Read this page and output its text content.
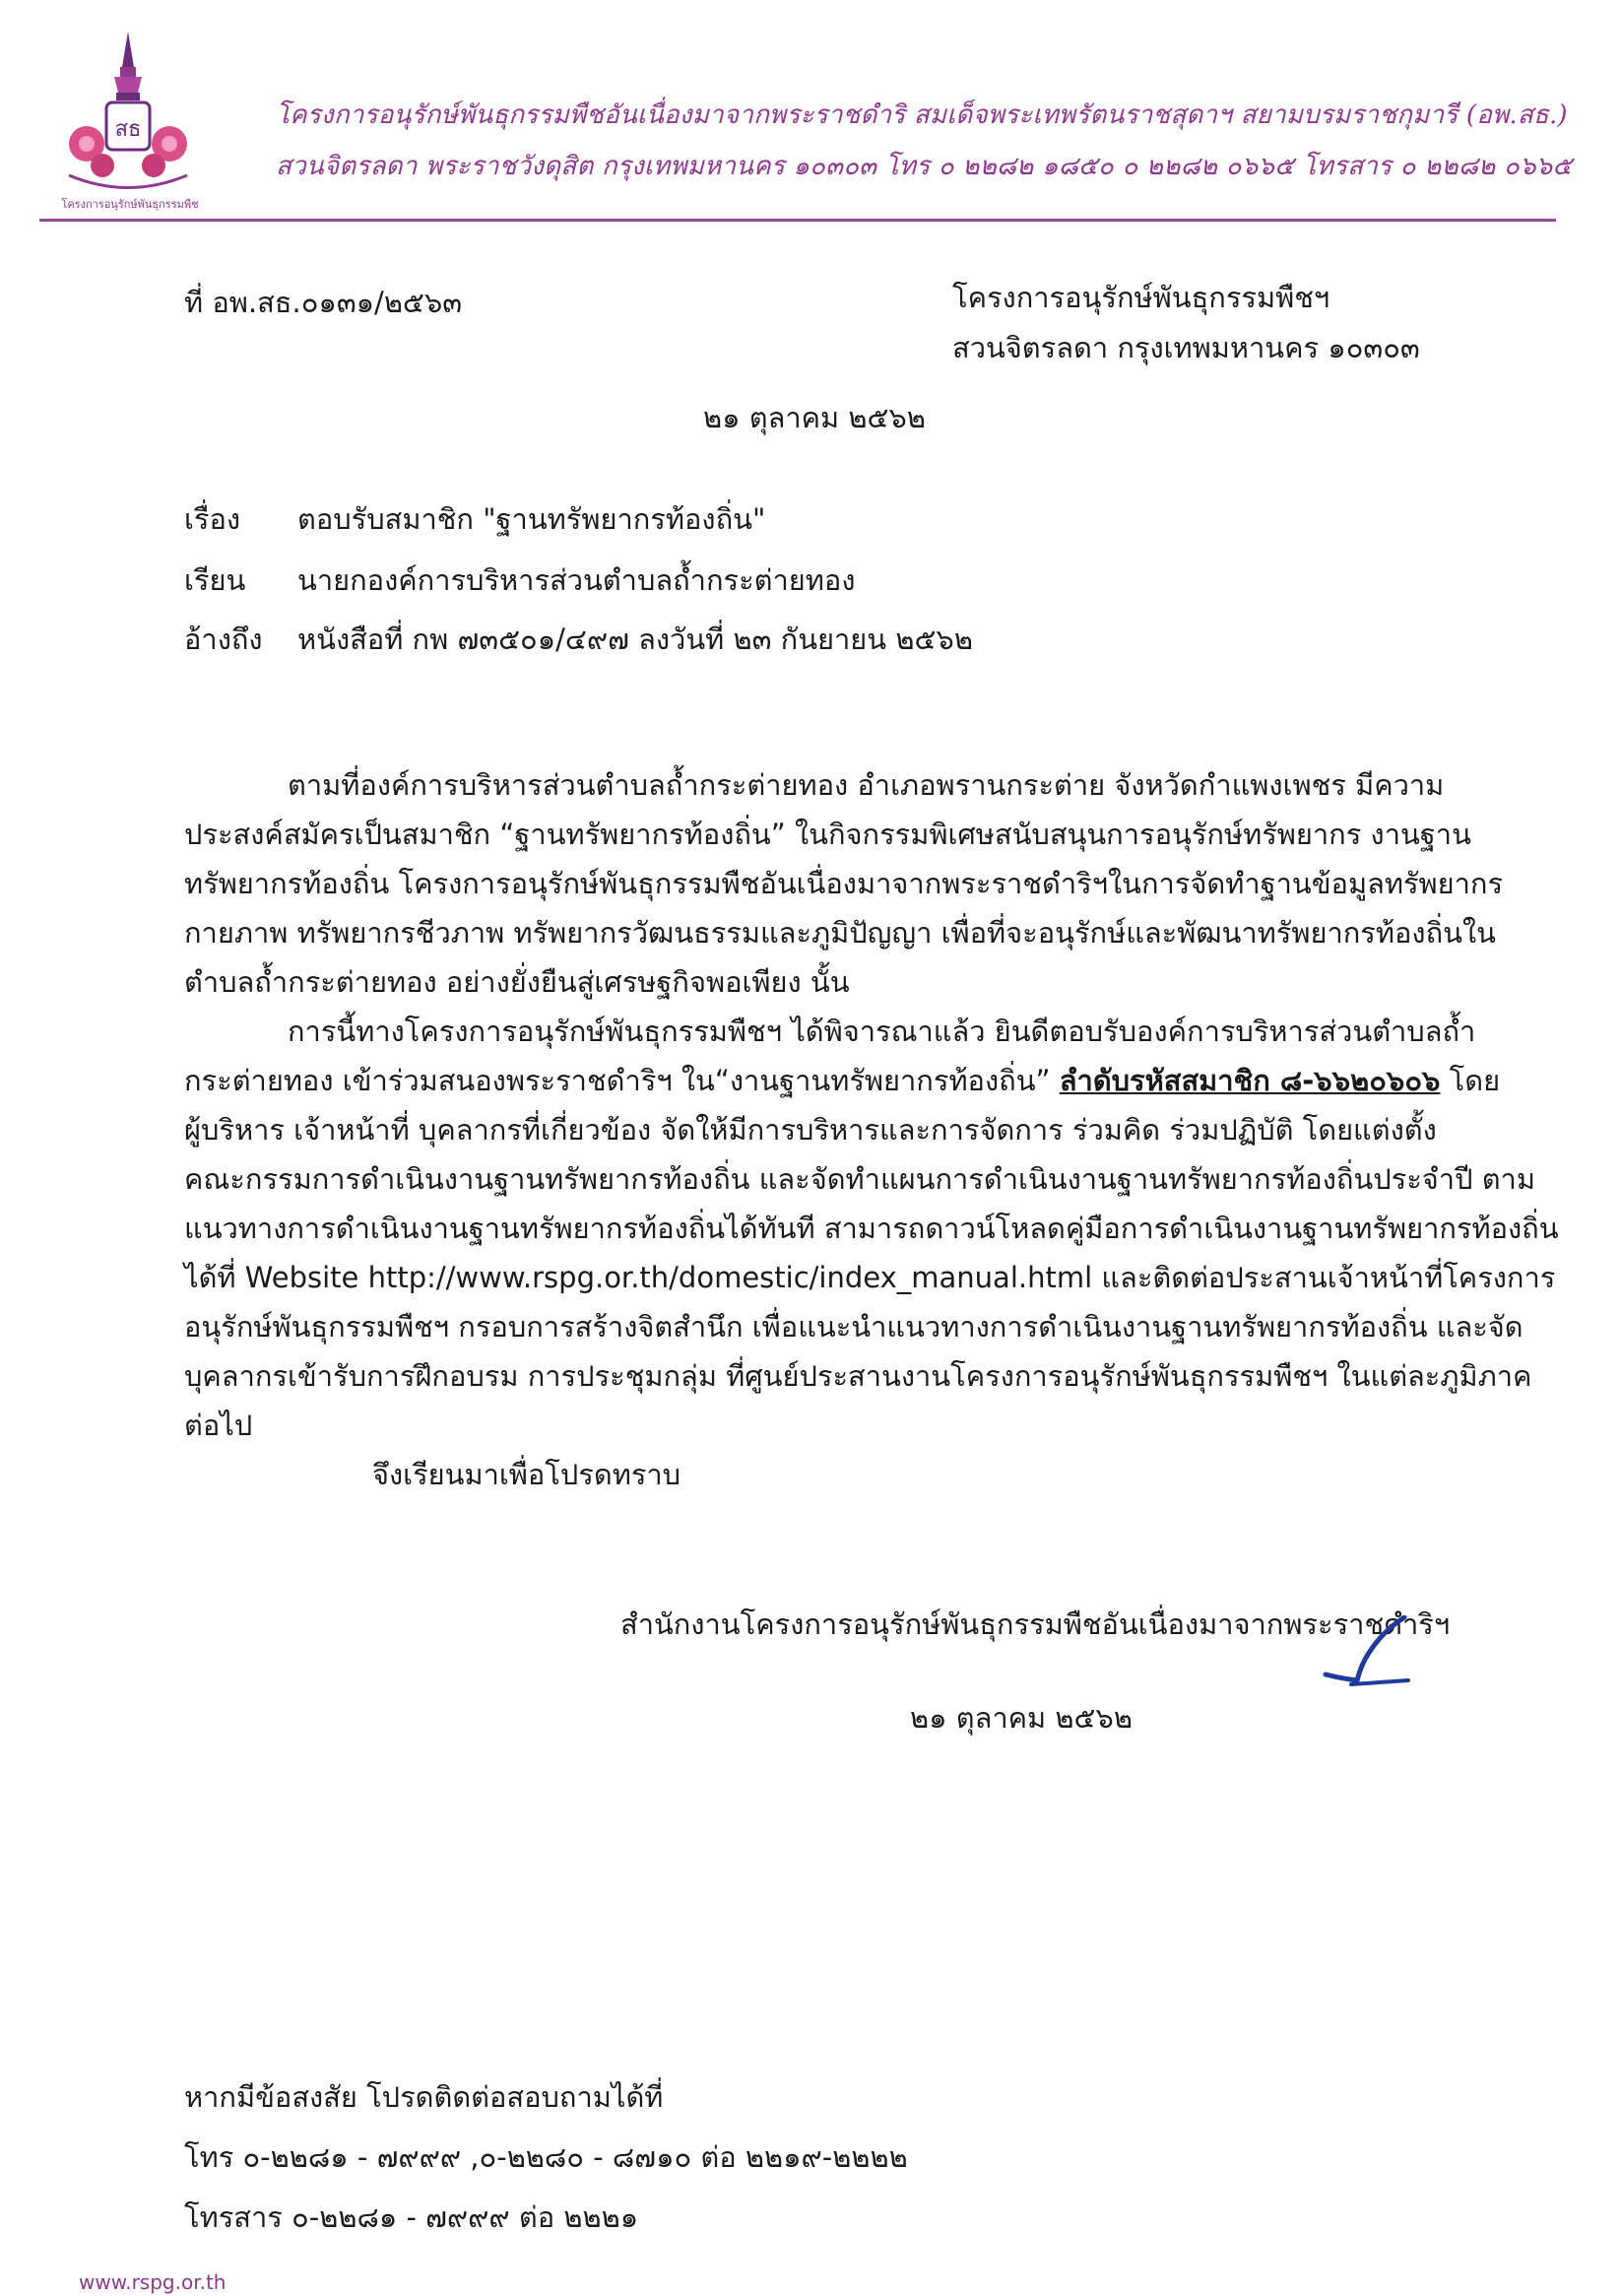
สธ
โครงการอนุรักษ์พันธุกรรมพืช
โครงการอนุรักษ์พันธุกรรมพืชอันเนื่องมาจากพระราชดำริ สมเด็จพระเทพรัตนราชสุดาฯ สยามบรมราชกุมารี (อพ.สธ.)
สวนจิตรลดา พระราชวังดุสิต กรุงเทพมหานคร ๑๐๓๐๓ โทร ๐ ๒๒๘๒ ๑๘๕๐ ๐ ๒๒๘๒ ๐๖๖๕ โทรสาร ๐ ๒๒๘๒ ๐๖๖๕
ที่ อพ.สธ.๐๑๓๑/๒๕๖๓	โครงการอนุรักษ์พันธุกรรมพืชฯ
สวนจิตรลดา กรุงเทพมหานคร ๑๐๓๐๓
๒๑ ตุลาคม ๒๕๖๒
เรื่อง ตอบรับสมาชิก "ฐานทรัพยากรท้องถิ่น"
เรียน นายกองค์การบริหารส่วนตำบลถ้ำกระต่ายทอง
อ้างถึง หนังสือที่ กพ ๗๓๕๐๑/๔๙๗ ลงวันที่ ๒๓ กันยายน ๒๕๖๒
ตามที่องค์การบริหารส่วนตำบลถ้ำกระต่ายทอง อำเภอพรานกระต่าย จังหวัดกำแพงเพชร มีความ
ประสงค์สมัครเป็นสมาชิก “ฐานทรัพยากรท้องถิ่น” ในกิจกรรมพิเศษสนับสนุนการอนุรักษ์ทรัพยากร งานฐาน
ทรัพยากรท้องถิ่น โครงการอนุรักษ์พันธุกรรมพืชอันเนื่องมาจากพระราชดำริฯในการจัดทำฐานข้อมูลทรัพยากร
กายภาพ ทรัพยากรชีวภาพ ทรัพยากรวัฒนธรรมและภูมิปัญญา เพื่อที่จะอนุรักษ์และพัฒนาทรัพยากรท้องถิ่นใน
ตำบลถ้ำกระต่ายทอง อย่างยั่งยืนสู่เศรษฐกิจพอเพียง นั้น
การนี้ทางโครงการอนุรักษ์พันธุกรรมพืชฯ ได้พิจารณาแล้ว ยินดีตอบรับองค์การบริหารส่วนตำบลถ้ำ
กระต่ายทอง เข้าร่วมสนองพระราชดำริฯ ใน“งานฐานทรัพยากรท้องถิ่น” ลำดับรหัสสมาชิก ๘-๖๖๒๐๖๐๖ โดย
ผู้บริหาร เจ้าหน้าที่ บุคลากรที่เกี่ยวข้อง จัดให้มีการบริหารและการจัดการ ร่วมคิด ร่วมปฏิบัติ โดยแต่งตั้ง
คณะกรรมการดำเนินงานฐานทรัพยากรท้องถิ่น และจัดทำแผนการดำเนินงานฐานทรัพยากรท้องถิ่นประจำปี ตาม
แนวทางการดำเนินงานฐานทรัพยากรท้องถิ่นได้ทันที สามารถดาวน์โหลดคู่มือการดำเนินงานฐานทรัพยากรท้องถิ่น
ได้ที่ Website http://www.rspg.or.th/domestic/index_manual.html และติดต่อประสานเจ้าหน้าที่โครงการ
อนุรักษ์พันธุกรรมพืชฯ กรอบการสร้างจิตสำนึก เพื่อแนะนำแนวทางการดำเนินงานฐานทรัพยากรท้องถิ่น และจัด
บุคลากรเข้ารับการฝึกอบรม การประชุมกลุ่ม ที่ศูนย์ประสานงานโครงการอนุรักษ์พันธุกรรมพืชฯ ในแต่ละภูมิภาค
ต่อไป
จึงเรียนมาเพื่อโปรดทราบ
สำนักงานโครงการอนุรักษ์พันธุกรรมพืชอันเนื่องมาจากพระราชดำริฯ
๒๑ ตุลาคม ๒๕๖๒
หากมีข้อสงสัย โปรดติดต่อสอบถามได้ที่
โทร ๐-๒๒๘๑ - ๗๙๙๙ ,๐-๒๒๘๐ - ๘๗๑๐ ต่อ ๒๒๑๙-๒๒๒๒
โทรสาร ๐-๒๒๘๑ - ๗๙๙๙ ต่อ ๒๒๒๑
www.rspg.or.th
